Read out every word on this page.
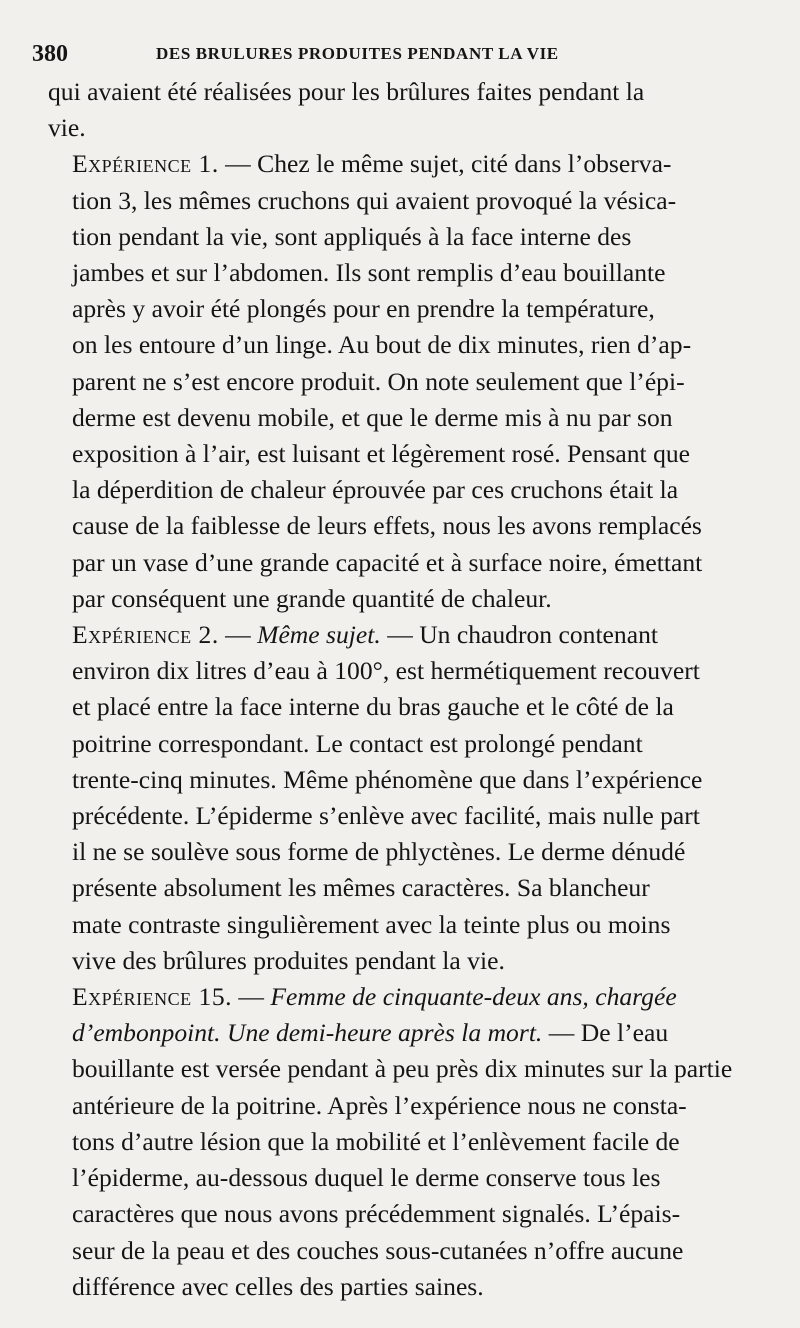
380	DES BRULURES PRODUITES PENDANT LA VIE

qui avaient été réalisées pour les brûlures faites pendant la
vie.

Expérience 1. — Chez le même sujet, cité dans l’observa-
tion 3, les mêmes cruchons qui avaient provoqué la vésica-
tion pendant la vie, sont appliqués à la face interne des
jambes et sur l’abdomen. Ils sont remplis d’eau bouillante
après y avoir été plongés pour en prendre la température,
on les entoure d’un linge. Au bout de dix minutes, rien d’ap-
parent ne s’est encore produit. On note seulement que l’épi-
derme est devenu mobile, et que le derme mis à nu par son
exposition à l’air, est luisant et légèrement rosé. Pensant que
la déperdition de chaleur éprouvée par ces cruchons était la
cause de la faiblesse de leurs effets, nous les avons remplacés
par un vase d’une grande capacité et à surface noire, émettant
par conséquent une grande quantité de chaleur.

Expérience 2. — Même sujet. — Un chaudron contenant
environ dix litres d’eau à 100°, est hermétiquement recouvert
et placé entre la face interne du bras gauche et le côté de la
poitrine correspondant. Le contact est prolongé pendant
trente-cinq minutes. Même phénomène que dans l’expérience
précédente. L’épiderme s’enlève avec facilité, mais nulle part
il ne se soulève sous forme de phlyctènes. Le derme dénudé
présente absolument les mêmes caractères. Sa blancheur
mate contraste singulièrement avec la teinte plus ou moins
vive des brûlures produites pendant la vie.

Expérience 15. — Femme de cinquante-deux ans, chargée
d’embonpoint. Une demi-heure après la mort. — De l’eau
bouillante est versée pendant à peu près dix minutes sur la partie
antérieure de la poitrine. Après l’expérience nous ne consta-
tons d’autre lésion que la mobilité et l’enlèvement facile de
l’épiderme, au-dessous duquel le derme conserve tous les
caractères que nous avons précédemment signalés. L’épais-
seur de la peau et des couches sous-cutanées n’offre aucune
différence avec celles des parties saines.
